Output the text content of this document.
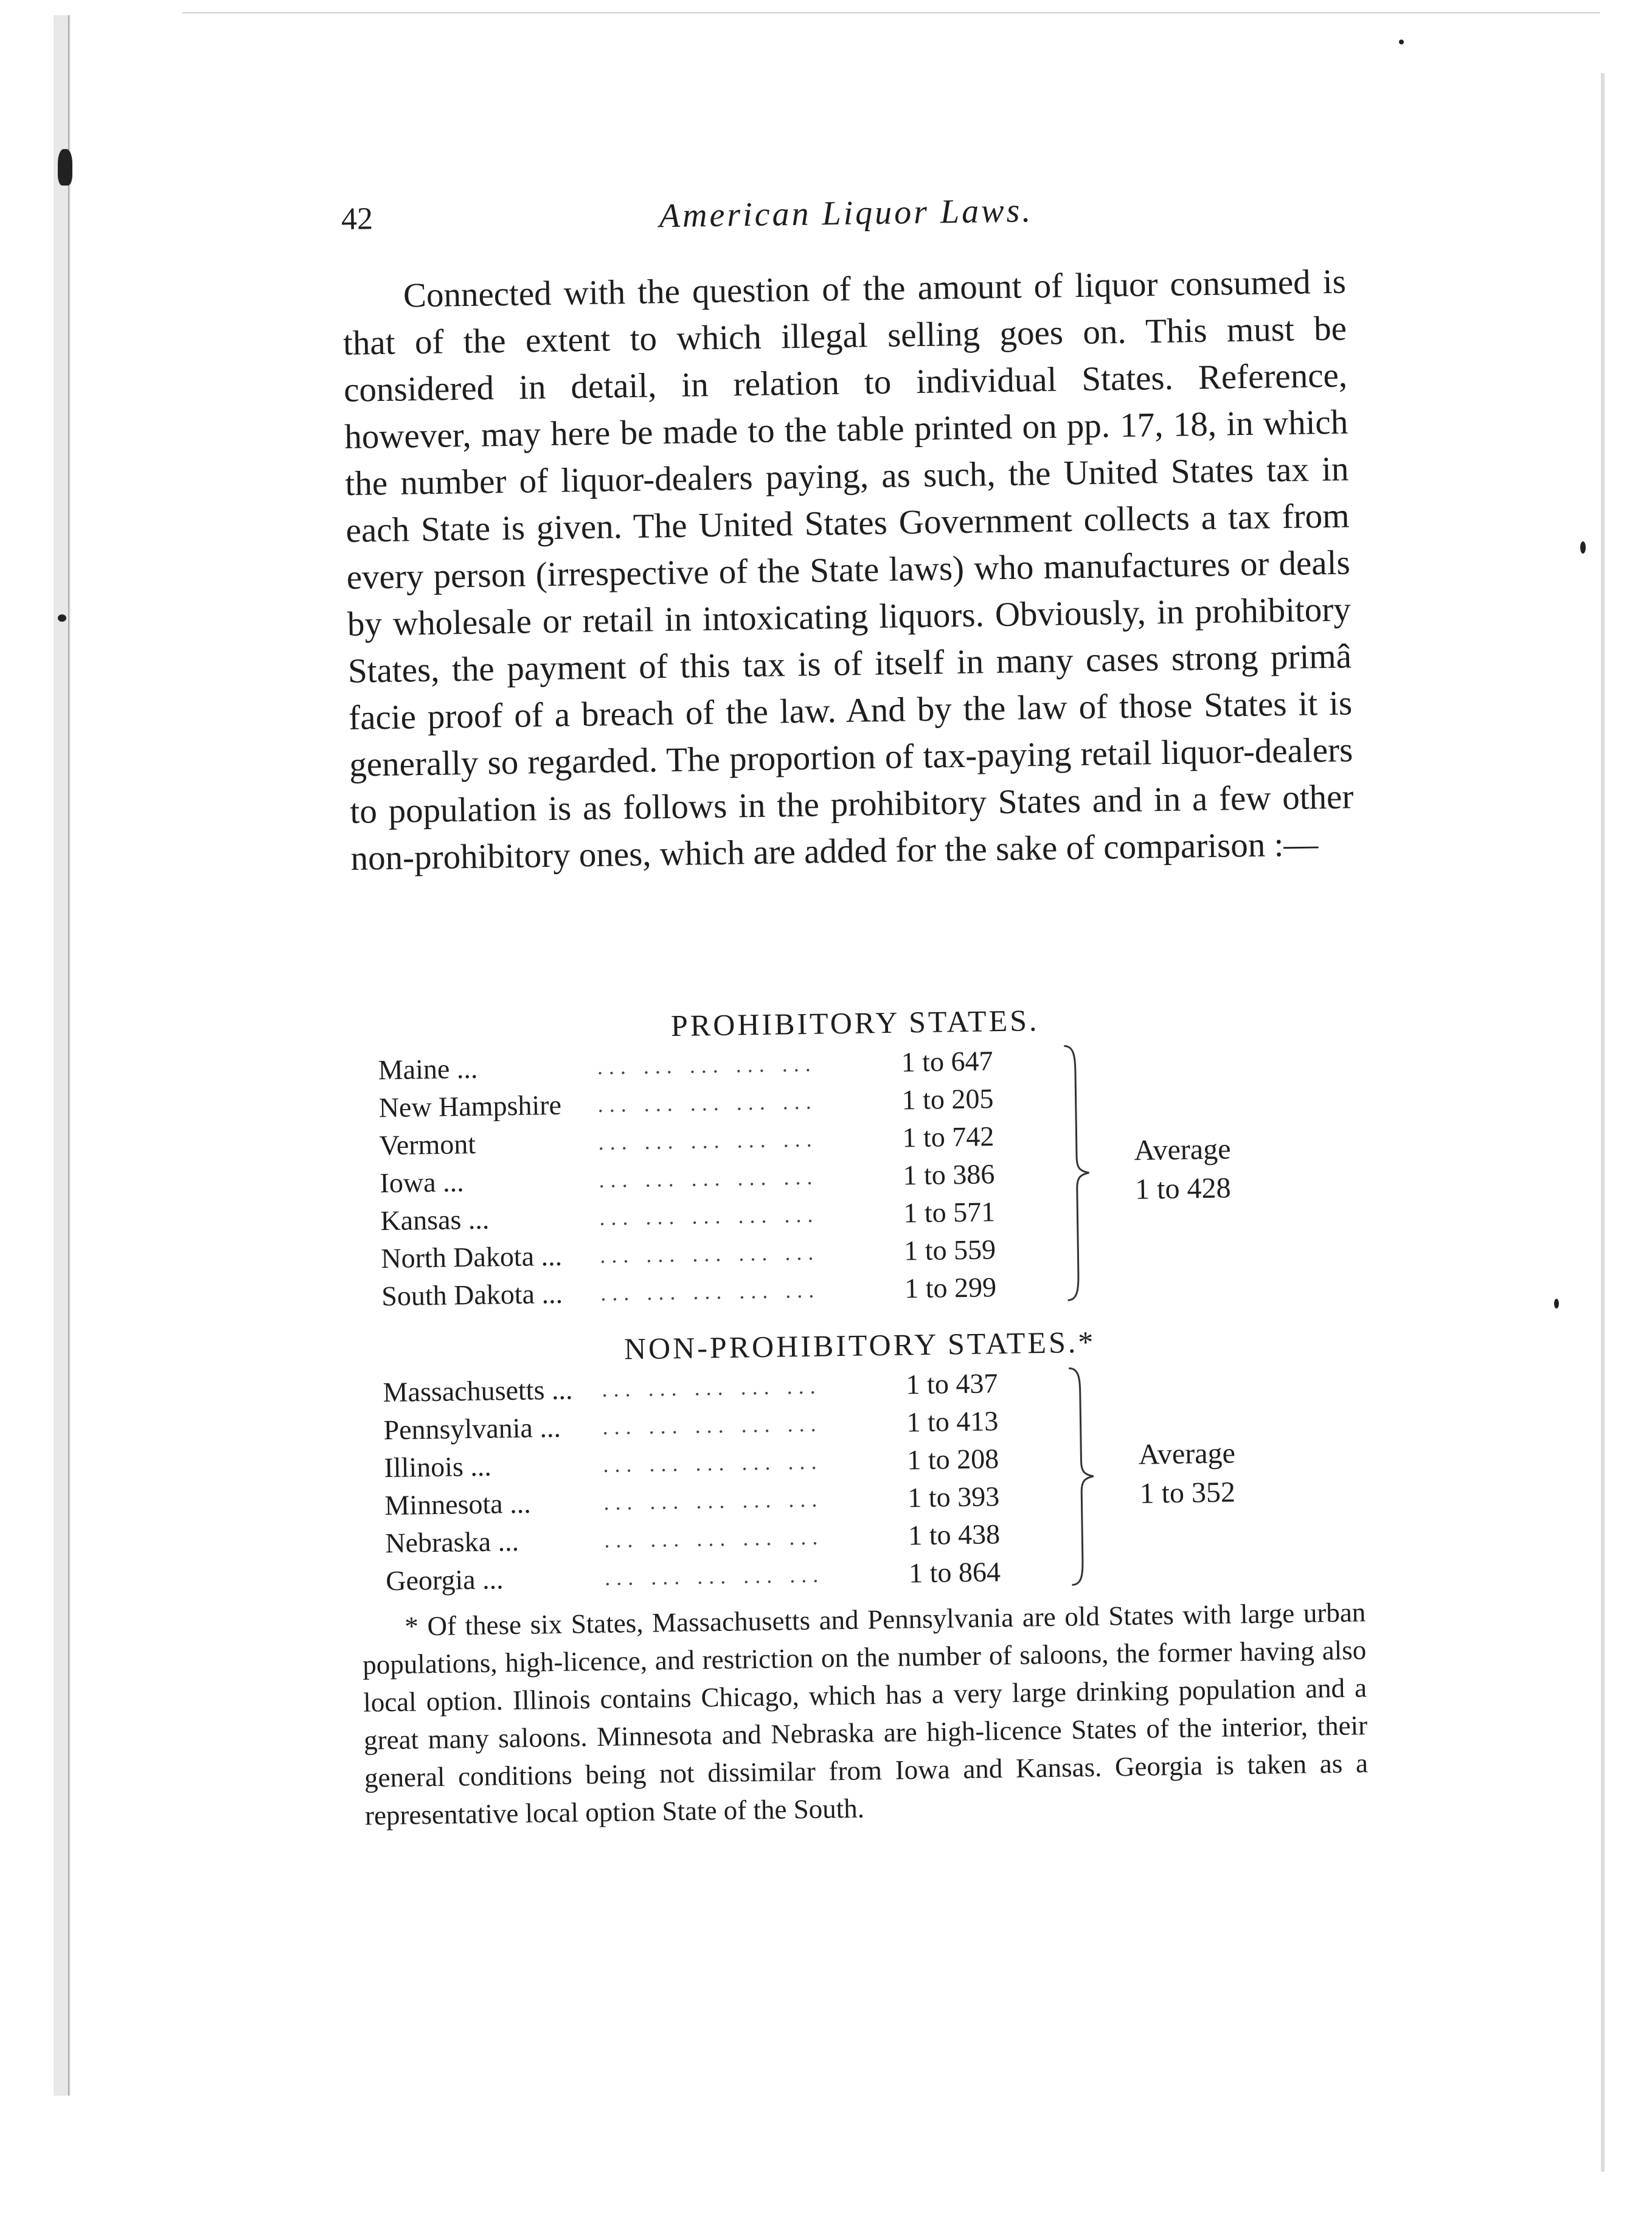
42	American Liquor Laws.

Connected with the question of the amount of liquor consumed is that of the extent to which illegal selling goes on. This must be considered in detail, in relation to individual States. Reference, however, may here be made to the table printed on pp. 17, 18, in which the number of liquor-dealers paying, as such, the United States tax in each State is given. The United States Government collects a tax from every person (irrespective of the State laws) who manufactures or deals by wholesale or retail in intoxicating liquors. Obviously, in prohibitory States, the payment of this tax is of itself in many cases strong primâ facie proof of a breach of the law. And by the law of those States it is generally so regarded. The proportion of tax-paying retail liquor-dealers to population is as follows in the prohibitory States and in a few other non-prohibitory ones, which are added for the sake of comparison :—

PROHIBITORY STATES.
Maine ...	... ... ... ... ...	1 to 647
New Hampshire ... ... ... ... ...	1 to 205
Vermont	... ... ... ... ...	1 to 742
Iowa ...	... ... ... ... ...	1 to 386
Kansas ...	... ... ... ... ...	1 to 571
North Dakota ... ... ... ... ... ...	1 to 559
South Dakota ... ... ... ... ... ...	1 to 299
Average
1 to 428
NON-PROHIBITORY STATES.*
Massachusetts ... ... ... ... ... ...	1 to 437
Pennsylvania ... ... ... ... ... ...	1 to 413
Illinois ...	... ... ... ... ...	1 to 208
Minnesota ...	... ... ... ... ...	1 to 393
Nebraska ...	... ... ... ... ...	1 to 438
Georgia ...	... ... ... ... ...	1 to 864
Average
1 to 352

* Of these six States, Massachusetts and Pennsylvania are old States with large urban populations, high-licence, and restriction on the number of saloons, the former having also local option. Illinois contains Chicago, which has a very large drinking population and a great many saloons. Minnesota and Nebraska are high-licence States of the interior, their general conditions being not dissimilar from Iowa and Kansas. Georgia is taken as a representative local option State of the South.
